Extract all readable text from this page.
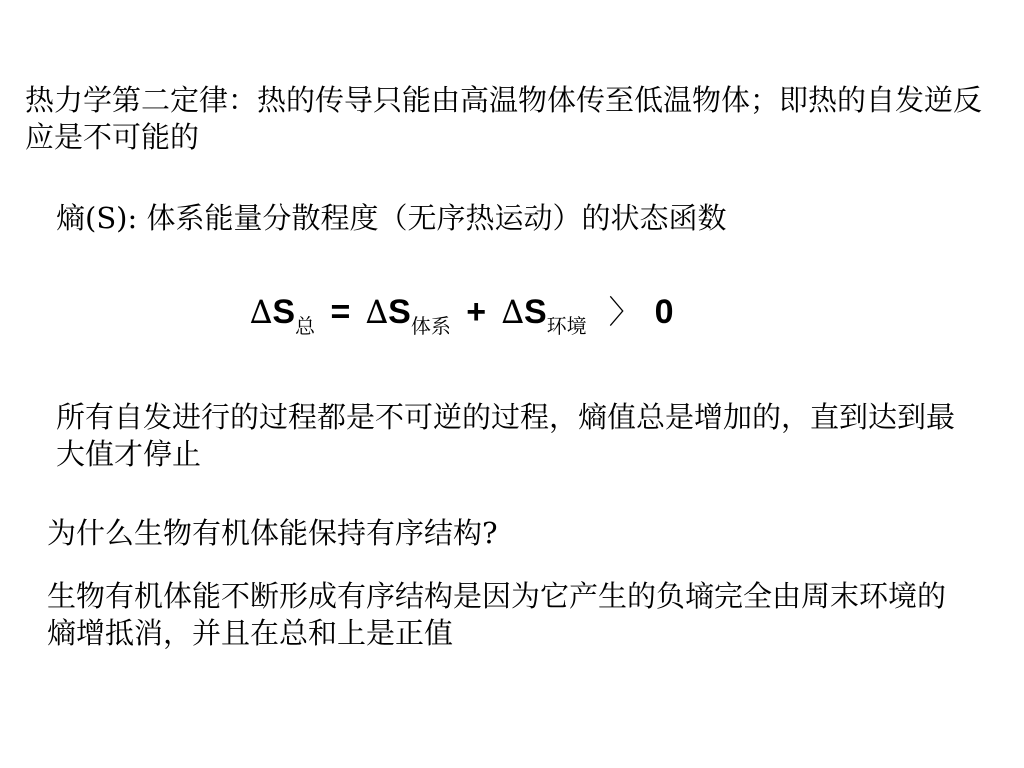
热力学第二定律：热的传导只能由高温物体传至低温物体；即热的自发逆反应是不可能的

熵(S): 体系能量分散程度（无序热运动）的状态函数

$\Delta S_总 = \Delta S_{体系} + \Delta S_{环境}$ 〉 0

所有自发进行的过程都是不可逆的过程，熵值总是增加的，直到达到最大值才停止

为什么生物有机体能保持有序结构?

生物有机体能不断形成有序结构是因为它产生的负墒完全由周末环境的熵增抵消，并且在总和上是正值
